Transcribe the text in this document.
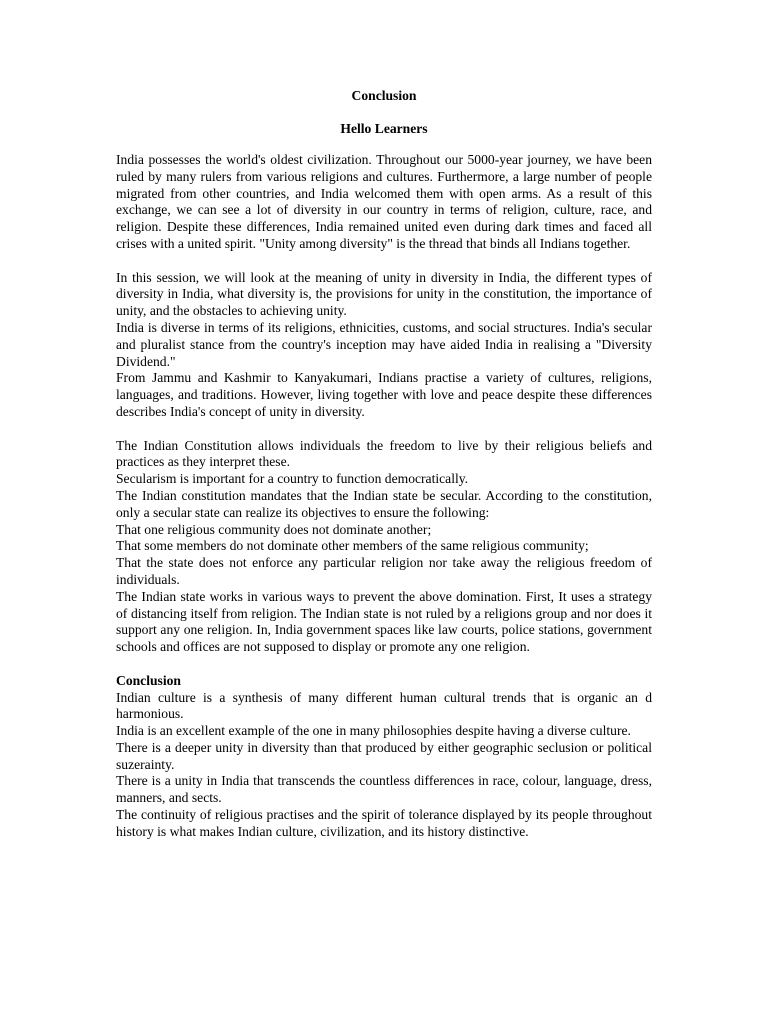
Conclusion

Hello Learners

India possesses the world's oldest civilization. Throughout our 5000-year journey, we have been ruled by many rulers from various religions and cultures. Furthermore, a large number of people migrated from other countries, and India welcomed them with open arms. As a result of this exchange, we can see a lot of diversity in our country in terms of religion, culture, race, and religion. Despite these differences, India remained united even during dark times and faced all crises with a united spirit. "Unity among diversity" is the thread that binds all Indians together.

In this session, we will look at the meaning of unity in diversity in India, the different types of diversity in India, what diversity is, the provisions for unity in the constitution, the importance of unity, and the obstacles to achieving unity.

India is diverse in terms of its religions, ethnicities, customs, and social structures. India's secular and pluralist stance from the country's inception may have aided India in realising a "Diversity Dividend."

From Jammu and Kashmir to Kanyakumari, Indians practise a variety of cultures, religions, languages, and traditions. However, living together with love and peace despite these differences describes India's concept of unity in diversity.

The Indian Constitution allows individuals the freedom to live by their religious beliefs and practices as they interpret these.

Secularism is important for a country to function democratically.

The Indian constitution mandates that the Indian state be secular. According to the constitution, only a secular state can realize its objectives to ensure the following:

That one religious community does not dominate another;

That some members do not dominate other members of the same religious community;

That the state does not enforce any particular religion nor take away the religious freedom of individuals.

The Indian state works in various ways to prevent the above domination. First, It uses a strategy of distancing itself from religion. The Indian state is not ruled by a religions group and nor does it support any one religion. In, India government spaces like law courts, police stations, government schools and offices are not supposed to display or promote any one religion.

Conclusion

Indian culture is a synthesis of many different human cultural trends that is organic an d harmonious.

India is an excellent example of the one in many philosophies despite having a diverse culture.

There is a deeper unity in diversity than that produced by either geographic seclusion or political suzerainty.

There is a unity in India that transcends the countless differences in race, colour, language, dress, manners, and sects.

The continuity of religious practises and the spirit of tolerance displayed by its people throughout history is what makes Indian culture, civilization, and its history distinctive.
